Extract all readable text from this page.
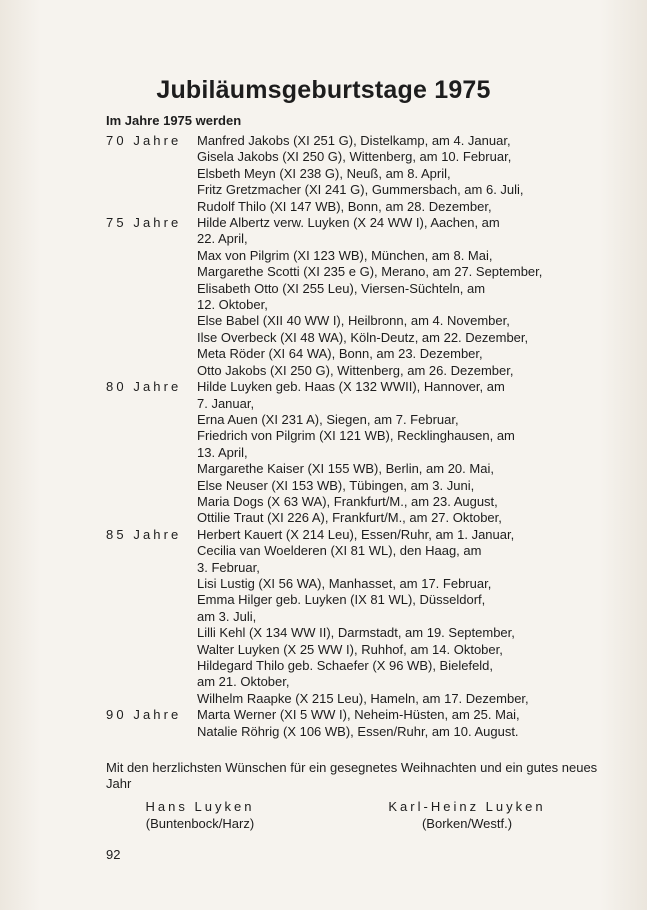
Jubiläumsgeburtstage 1975
Im Jahre 1975 werden
70 Jahre Manfred Jakobs (XI 251 G), Distelkamp, am 4. Januar,
Gisela Jakobs (XI 250 G), Wittenberg, am 10. Februar,
Elsbeth Meyn (XI 238 G), Neuß, am 8. April,
Fritz Gretzmacher (XI 241 G), Gummersbach, am 6. Juli,
Rudolf Thilo (XI 147 WB), Bonn, am 28. Dezember,
75 Jahre Hilde Albertz verw. Luyken (X 24 WW I), Aachen, am
22. April,
Max von Pilgrim (XI 123 WB), München, am 8. Mai,
Margarethe Scotti (XI 235 e G), Merano, am 27. September,
Elisabeth Otto (XI 255 Leu), Viersen-Süchteln, am
12. Oktober,
Else Babel (XII 40 WW I), Heilbronn, am 4. November,
Ilse Overbeck (XI 48 WA), Köln-Deutz, am 22. Dezember,
Meta Röder (XI 64 WA), Bonn, am 23. Dezember,
Otto Jakobs (XI 250 G), Wittenberg, am 26. Dezember,
80 Jahre Hilde Luyken geb. Haas (X 132 WWII), Hannover, am
7. Januar,
Erna Auen (XI 231 A), Siegen, am 7. Februar,
Friedrich von Pilgrim (XI 121 WB), Recklinghausen, am
13. April,
Margarethe Kaiser (XI 155 WB), Berlin, am 20. Mai,
Else Neuser (XI 153 WB), Tübingen, am 3. Juni,
Maria Dogs (X 63 WA), Frankfurt/M., am 23. August,
Ottilie Traut (XI 226 A), Frankfurt/M., am 27. Oktober,
85 Jahre Herbert Kauert (X 214 Leu), Essen/Ruhr, am 1. Januar,
Cecilia van Woelderen (XI 81 WL), den Haag, am
3. Februar,
Lisi Lustig (XI 56 WA), Manhasset, am 17. Februar,
Emma Hilger geb. Luyken (IX 81 WL), Düsseldorf,
am 3. Juli,
Lilli Kehl (X 134 WW II), Darmstadt, am 19. September,
Walter Luyken (X 25 WW I), Ruhhof, am 14. Oktober,
Hildegard Thilo geb. Schaefer (X 96 WB), Bielefeld,
am 21. Oktober,
Wilhelm Raapke (X 215 Leu), Hameln, am 17. Dezember,
90 Jahre Marta Werner (XI 5 WW I), Neheim-Hüsten, am 25. Mai,
Natalie Röhrig (X 106 WB), Essen/Ruhr, am 10. August.
Mit den herzlichsten Wünschen für ein gesegnetes Weihnachten und ein gutes neues Jahr
Hans Luyken
(Buntenbock/Harz)
Karl-Heinz Luyken
(Borken/Westf.)
92
